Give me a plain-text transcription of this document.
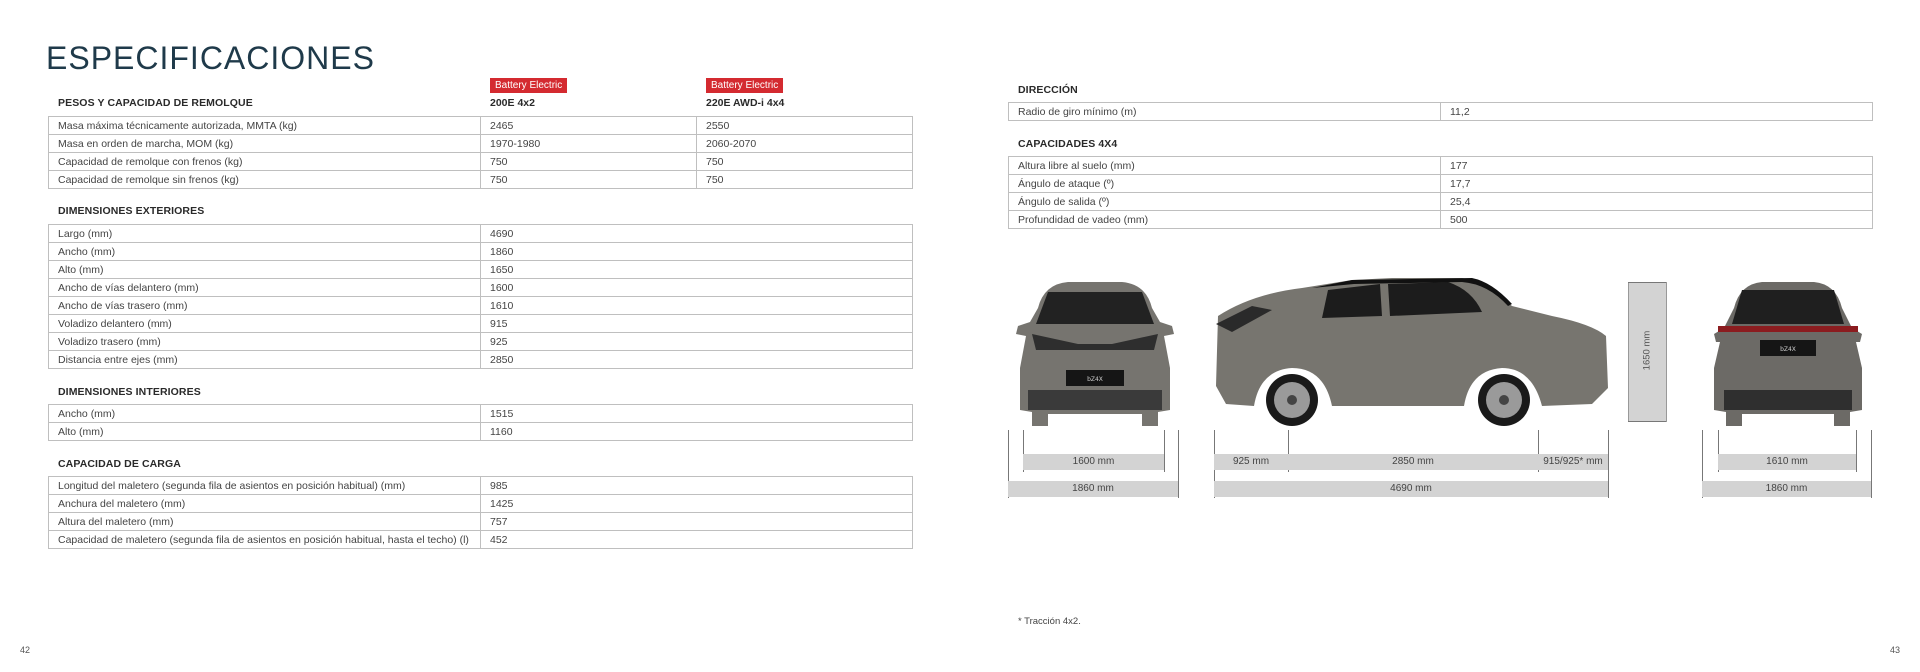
ESPECIFICACIONES
Battery Electric	Battery Electric
PESOS Y CAPACIDAD DE REMOLQUE	200E 4x2	220E AWD-i 4x4
Masa máxima técnicamente autorizada, MMTA (kg)	2465	2550
Masa en orden de marcha, MOM (kg)	1970-1980	2060-2070
Capacidad de remolque con frenos (kg)	750	750
Capacidad de remolque sin frenos (kg)	750	750
DIMENSIONES EXTERIORES
Largo (mm)	4690
Ancho (mm)	1860
Alto (mm)	1650
Ancho de vías delantero (mm)	1600
Ancho de vías trasero (mm)	1610
Voladizo delantero (mm)	915
Voladizo trasero (mm)	925
Distancia entre ejes (mm)	2850
DIMENSIONES INTERIORES
Ancho (mm)	1515
Alto (mm)	1160
CAPACIDAD DE CARGA
Longitud del maletero (segunda fila de asientos en posición habitual) (mm)	985
Anchura del maletero (mm)	1425
Altura del maletero (mm)	757
Capacidad de maletero (segunda fila de asientos en posición habitual, hasta el techo) (l)	452
DIRECCIÓN
Radio de giro mínimo (m)	11,2
CAPACIDADES 4X4
Altura libre al suelo (mm)	177
Ángulo de ataque (º)	17,7
Ángulo de salida (º)	25,4
Profundidad de vadeo (mm)	500
bZ4X
bZ4X
1650 mm
1600 mm
1860 mm
925 mm	2850 mm	915/925* mm
4690 mm
1610 mm
1860 mm
* Tracción 4x2.
42	43
